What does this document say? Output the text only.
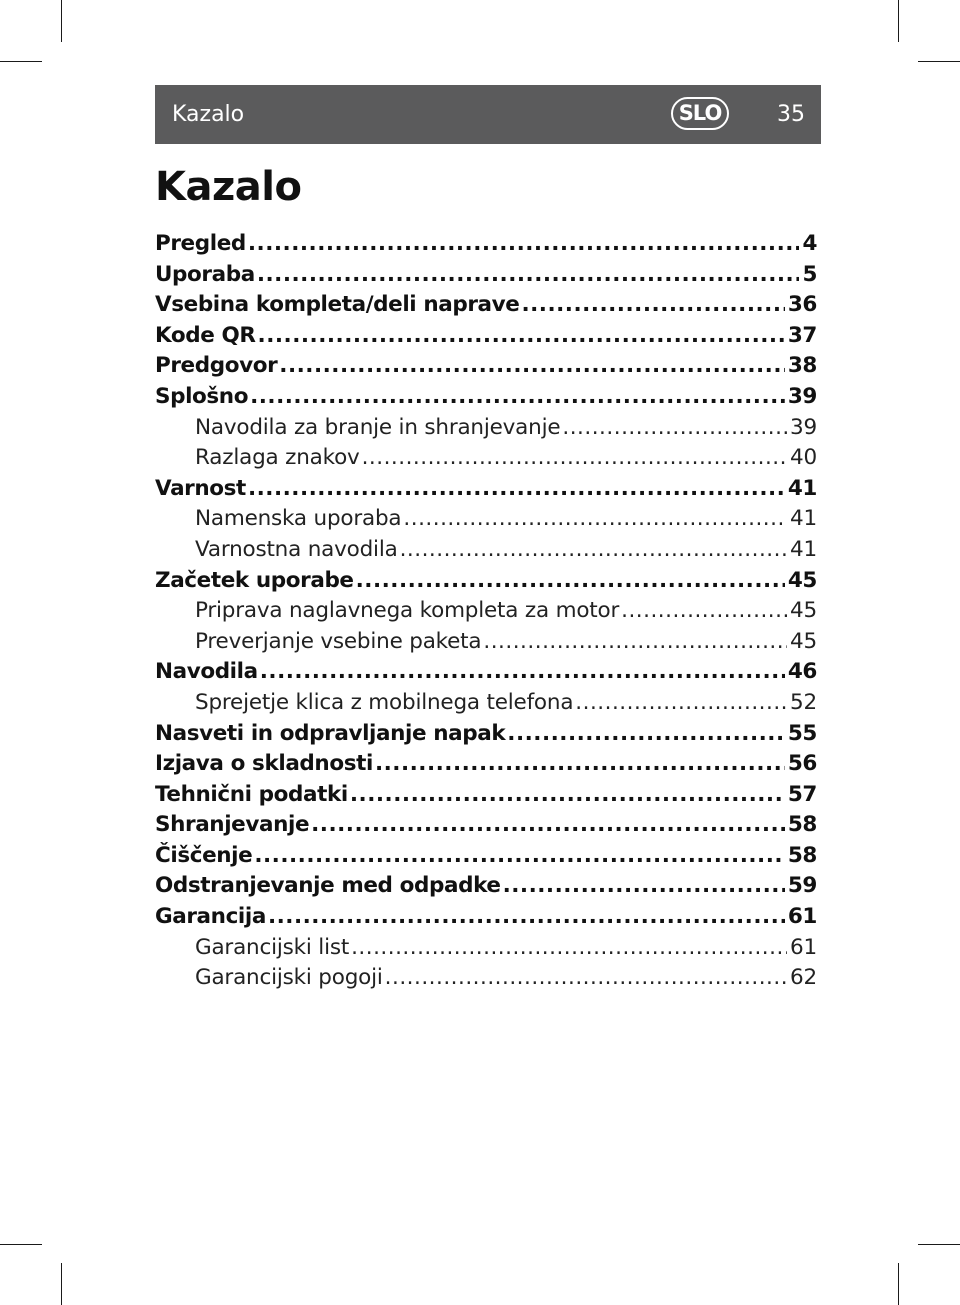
Kazalo	SLO	35
Kazalo
Pregled .....	4
Uporaba .....	5
Vsebina kompleta/deli naprave .....	36
Kode QR .....	37
Predgovor .....	38
Splošno .....	39
Navodila za branje in shranjevanje .....	39
Razlaga znakov .....	40
Varnost .....	41
Namenska uporaba .....	41
Varnostna navodila .....	41
Začetek uporabe .....	45
Priprava naglavnega kompleta za motor .....	45
Preverjanje vsebine paketa .....	45
Navodila .....	46
Sprejetje klica z mobilnega telefona .....	52
Nasveti in odpravljanje napak .....	55
Izjava o skladnosti .....	56
Tehnični podatki .....	57
Shranjevanje .....	58
Čiščenje .....	58
Odstranjevanje med odpadke .....	59
Garancija .....	61
Garancijski list .....	61
Garancijski pogoji .....	62
